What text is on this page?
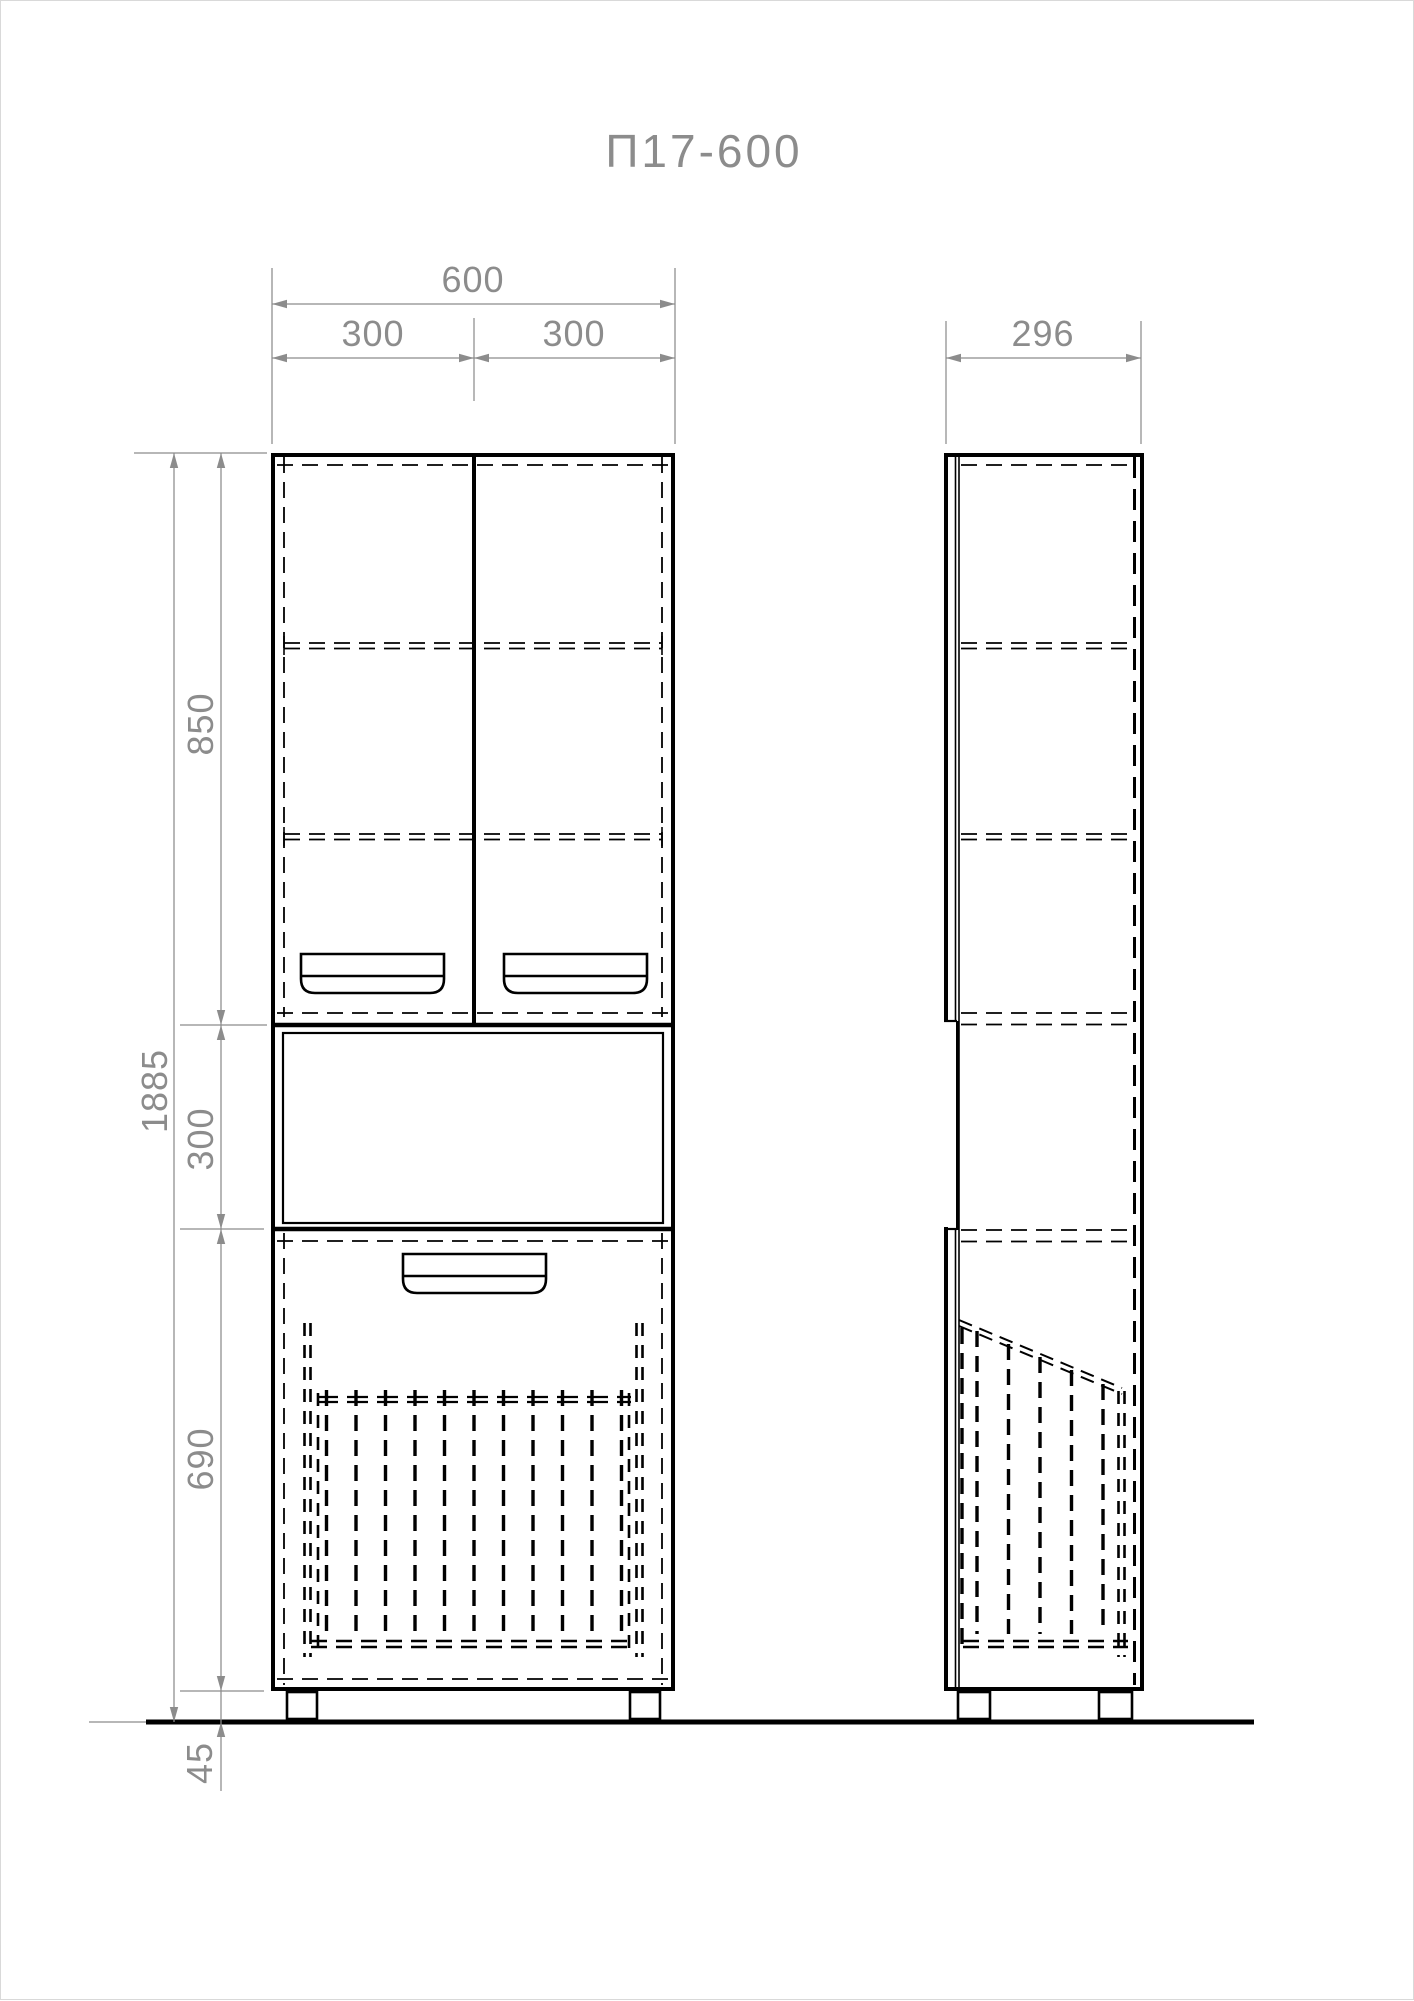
П17-600
600
300	300	296
1885
850
300
690
45
